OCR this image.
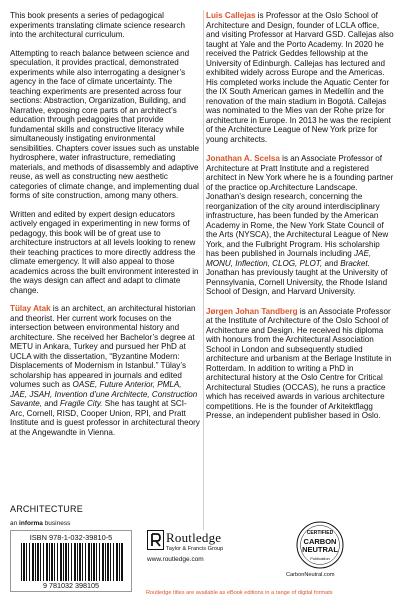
This book presents a series of pedagogical experiments translating climate science research into the architectural curriculum.

Attempting to reach balance between science and speculation, it provides practical, demonstrated experiments while also interrogating a designer’s agency in the face of climate uncertainty. The teaching experiments are presented across four sections: Abstraction, Organization, Building, and Narrative, exposing core parts of an architect’s education through pedagogies that provide fundamental skills and constructive literacy while simultaneously instigating environmental sensibilities. Chapters cover issues such as unstable hydrosphere, water infrastructure, remediating materials, and methods of disassembly and adaptive reuse, as well as constructing new aesthetic categories of climate change, and implementing dual forms of site construction, among many others.

Written and edited by expert design educators actively engaged in experimenting in new forms of pedagogy, this book will be of great use to architecture instructors at all levels looking to renew their teaching practices to more directly address the climate emergency. It will also appeal to those academics across the built environment interested in the ways design can affect and adapt to climate change.

Tülay Atak is an architect, an architectural historian and theorist. Her current work focuses on the intersection between environmental history and architecture. She received her Bachelor’s degree at METU in Ankara, Turkey and pursued her PhD at UCLA with the dissertation, “Byzantine Modern: Displacements of Modernism in Istanbul.” Tülay’s scholarship has appeared in journals and edited volumes such as OASE, Future Anterior, PMLA, JAE, JSAH, Invention d’une Architecte, Construction Savante, and Fragile City. She has taught at SCI-Arc, Cornell, RISD, Cooper Union, RPI, and Pratt Institute and is guest professor in architectural theory at the Angewandte in Vienna.

Luis Callejas is Professor at the Oslo School of Architecture and Design, founder of LCLA office, and visiting Professor at Harvard GSD. Callejas also taught at Yale and the Porto Academy. In 2020 he received the Patrick Geddes fellowship at the University of Edinburgh. Callejas has lectured and exhibited widely across Europe and the Americas. His completed works include the Aquatic Center for the IX South American games in Medellín and the renovation of the main stadium in Bogotá. Callejas was nominated to the Mies van der Rohe prize for architecture in Europe. In 2013 he was the recipient of the Architecture League of New York prize for young architects.

Jonathan A. Scelsa is an Associate Professor of Architecture at Pratt Institute and a registered architect in New York where he is a founding partner of the practice op.Architecture Landscape. Jonathan’s design research, concerning the reorganization of the city around interdisciplinary infrastructure, has been funded by the American Academy in Rome, the New York State Council of the Arts (NYSCA), the Architectural League of New York, and the Fulbright Program. His scholarship has been published in Journals including JAE, MONU, Inflection, CLOG, PLOT, and Bracket. Jonathan has previously taught at the University of Pennsylvania, Cornell University, the Rhode Island School of Design, and Harvard University.

Jørgen Johan Tandberg is an Associate Professor at the Institute of Architecture of the Oslo School of Architecture and Design. He received his diploma with honours from the Architectural Association School in London and subsequently studied architecture and urbanism at the Berlage Institute in Rotterdam. In addition to writing a PhD in architectural history at the Oslo Centre for Critical Architectural Studies (OCCAS), he runs a practice which has received awards in various architecture competitions. He is the founder of Arkitektflagg Presse, an independent publisher based in Oslo.

ARCHITECTURE
an informa business
ISBN 978-1-032-39810-5
9 781032 398105
Routledge
Taylor & Francis Group
www.routledge.com
CERTIFIED
CARBON
NEUTRAL
Publication
CarbonNeutral.com
Routledge titles are available as eBook editions in a range of digital formats
